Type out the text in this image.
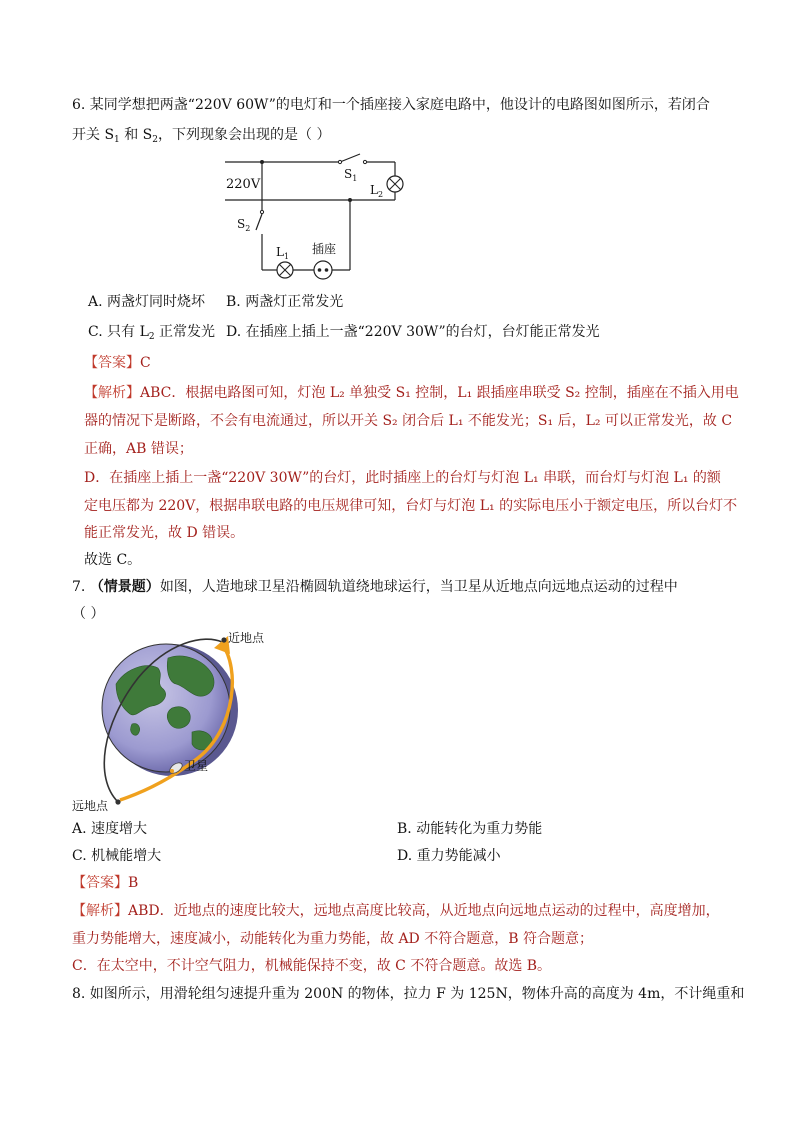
6. 某同学想把两盏“220V 60W”的电灯和一个插座接入家庭电路中，他设计的电路图如图所示，若闭合
开关 $S_1$ 和 $S_2$，下列现象会出现的是（ ）
220V
$S_1$
$S_2$
$L_2$
$L_1$
插座
A. 两盏灯同时烧坏 B. 两盏灯正常发光
C. 只有 $L_2$ 正常发光 D. 在插座上插上一盏“220V 30W”的台灯，台灯能正常发光
【答案】C
【解析】ABC．根据电路图可知，灯泡 L₂ 单独受 S₁ 控制，L₁ 跟插座串联受 S₂ 控制，插座在不插入用电
器的情况下是断路，不会有电流通过，所以开关 S₂ 闭合后 L₁ 不能发光；S₁ 后，L₂ 可以正常发光，故 C
正确，AB 错误；
D．在插座上插上一盏“220V 30W”的台灯，此时插座上的台灯与灯泡 L₁ 串联，而台灯与灯泡 L₁ 的额
定电压都为 220V，根据串联电路的电压规律可知，台灯与灯泡 L₁ 的实际电压小于额定电压，所以台灯不
能正常发光，故 D 错误。
故选 C。
7. （情景题）如图，人造地球卫星沿椭圆轨道绕地球运行，当卫星从近地点向远地点运动的过程中
（ ）
近地点
卫星
远地点
A. 速度增大	B. 动能转化为重力势能
C. 机械能增大	D. 重力势能减小
【答案】B
【解析】ABD．近地点的速度比较大，远地点高度比较高，从近地点向远地点运动的过程中，高度增加，
重力势能增大，速度减小，动能转化为重力势能，故 AD 不符合题意，B 符合题意；
C．在太空中，不计空气阻力，机械能保持不变，故 C 不符合题意。故选 B。
8. 如图所示，用滑轮组匀速提升重为 200N 的物体，拉力 F 为 125N，物体升高的高度为 4m，不计绳重和
